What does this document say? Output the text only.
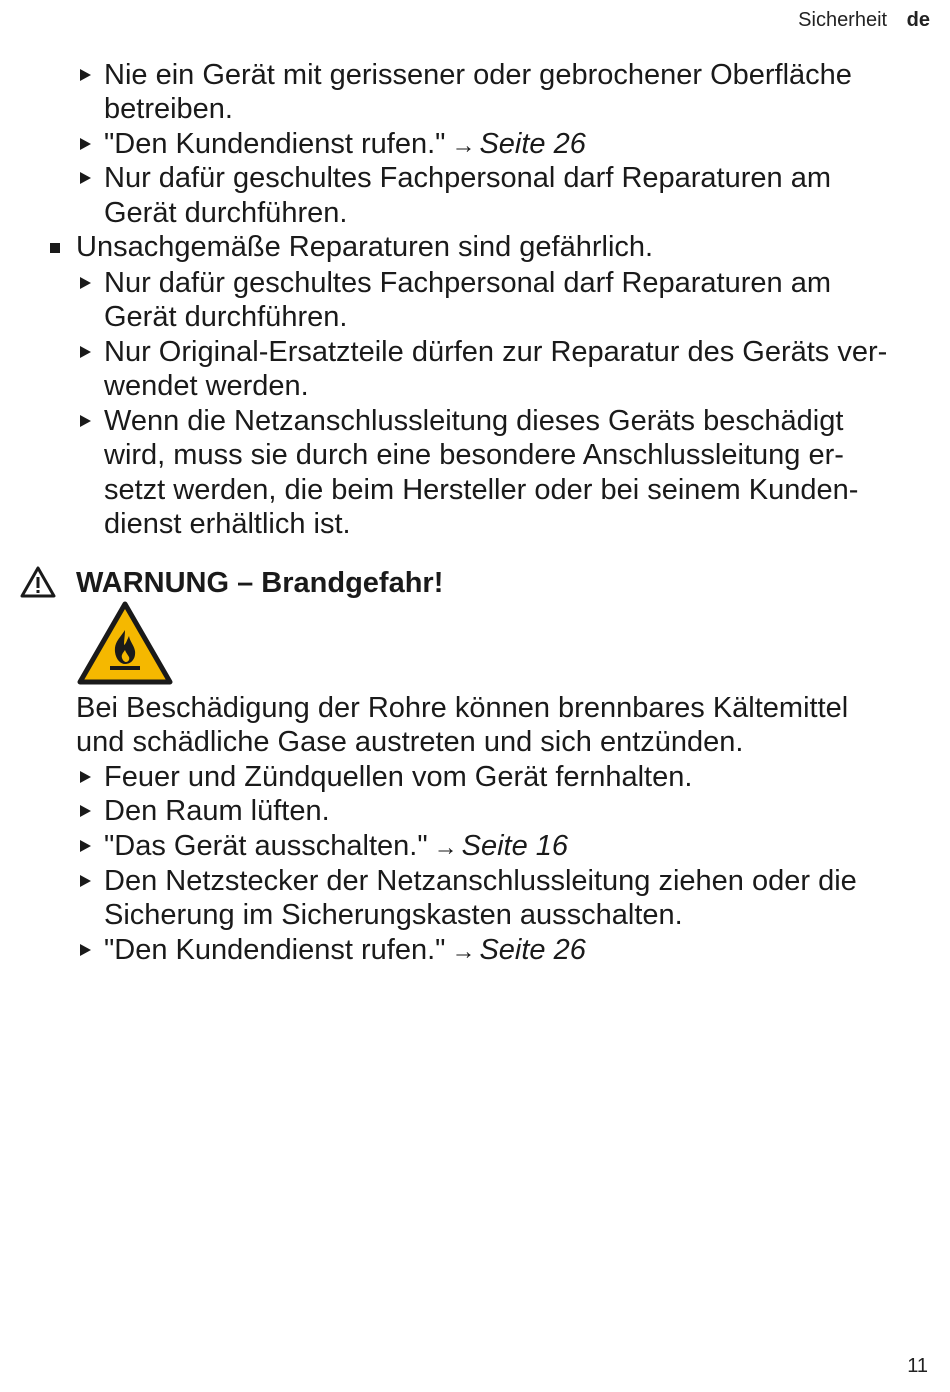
Sicherheit de
Nie ein Gerät mit gerissener oder gebrochener Oberfläche
betreiben.
"Den Kundendienst rufen." → Seite 26
Nur dafür geschultes Fachpersonal darf Reparaturen am
Gerät durchführen.
Unsachgemäße Reparaturen sind gefährlich.
Nur dafür geschultes Fachpersonal darf Reparaturen am
Gerät durchführen.
Nur Original-Ersatzteile dürfen zur Reparatur des Geräts ver-
wendet werden.
Wenn die Netzanschlussleitung dieses Geräts beschädigt
wird, muss sie durch eine besondere Anschlussleitung er-
setzt werden, die beim Hersteller oder bei seinem Kunden-
dienst erhältlich ist.
WARNUNG – Brandgefahr!
Bei Beschädigung der Rohre können brennbares Kältemittel
und schädliche Gase austreten und sich entzünden.
Feuer und Zündquellen vom Gerät fernhalten.
Den Raum lüften.
"Das Gerät ausschalten." → Seite 16
Den Netzstecker der Netzanschlussleitung ziehen oder die
Sicherung im Sicherungskasten ausschalten.
"Den Kundendienst rufen." → Seite 26
11
